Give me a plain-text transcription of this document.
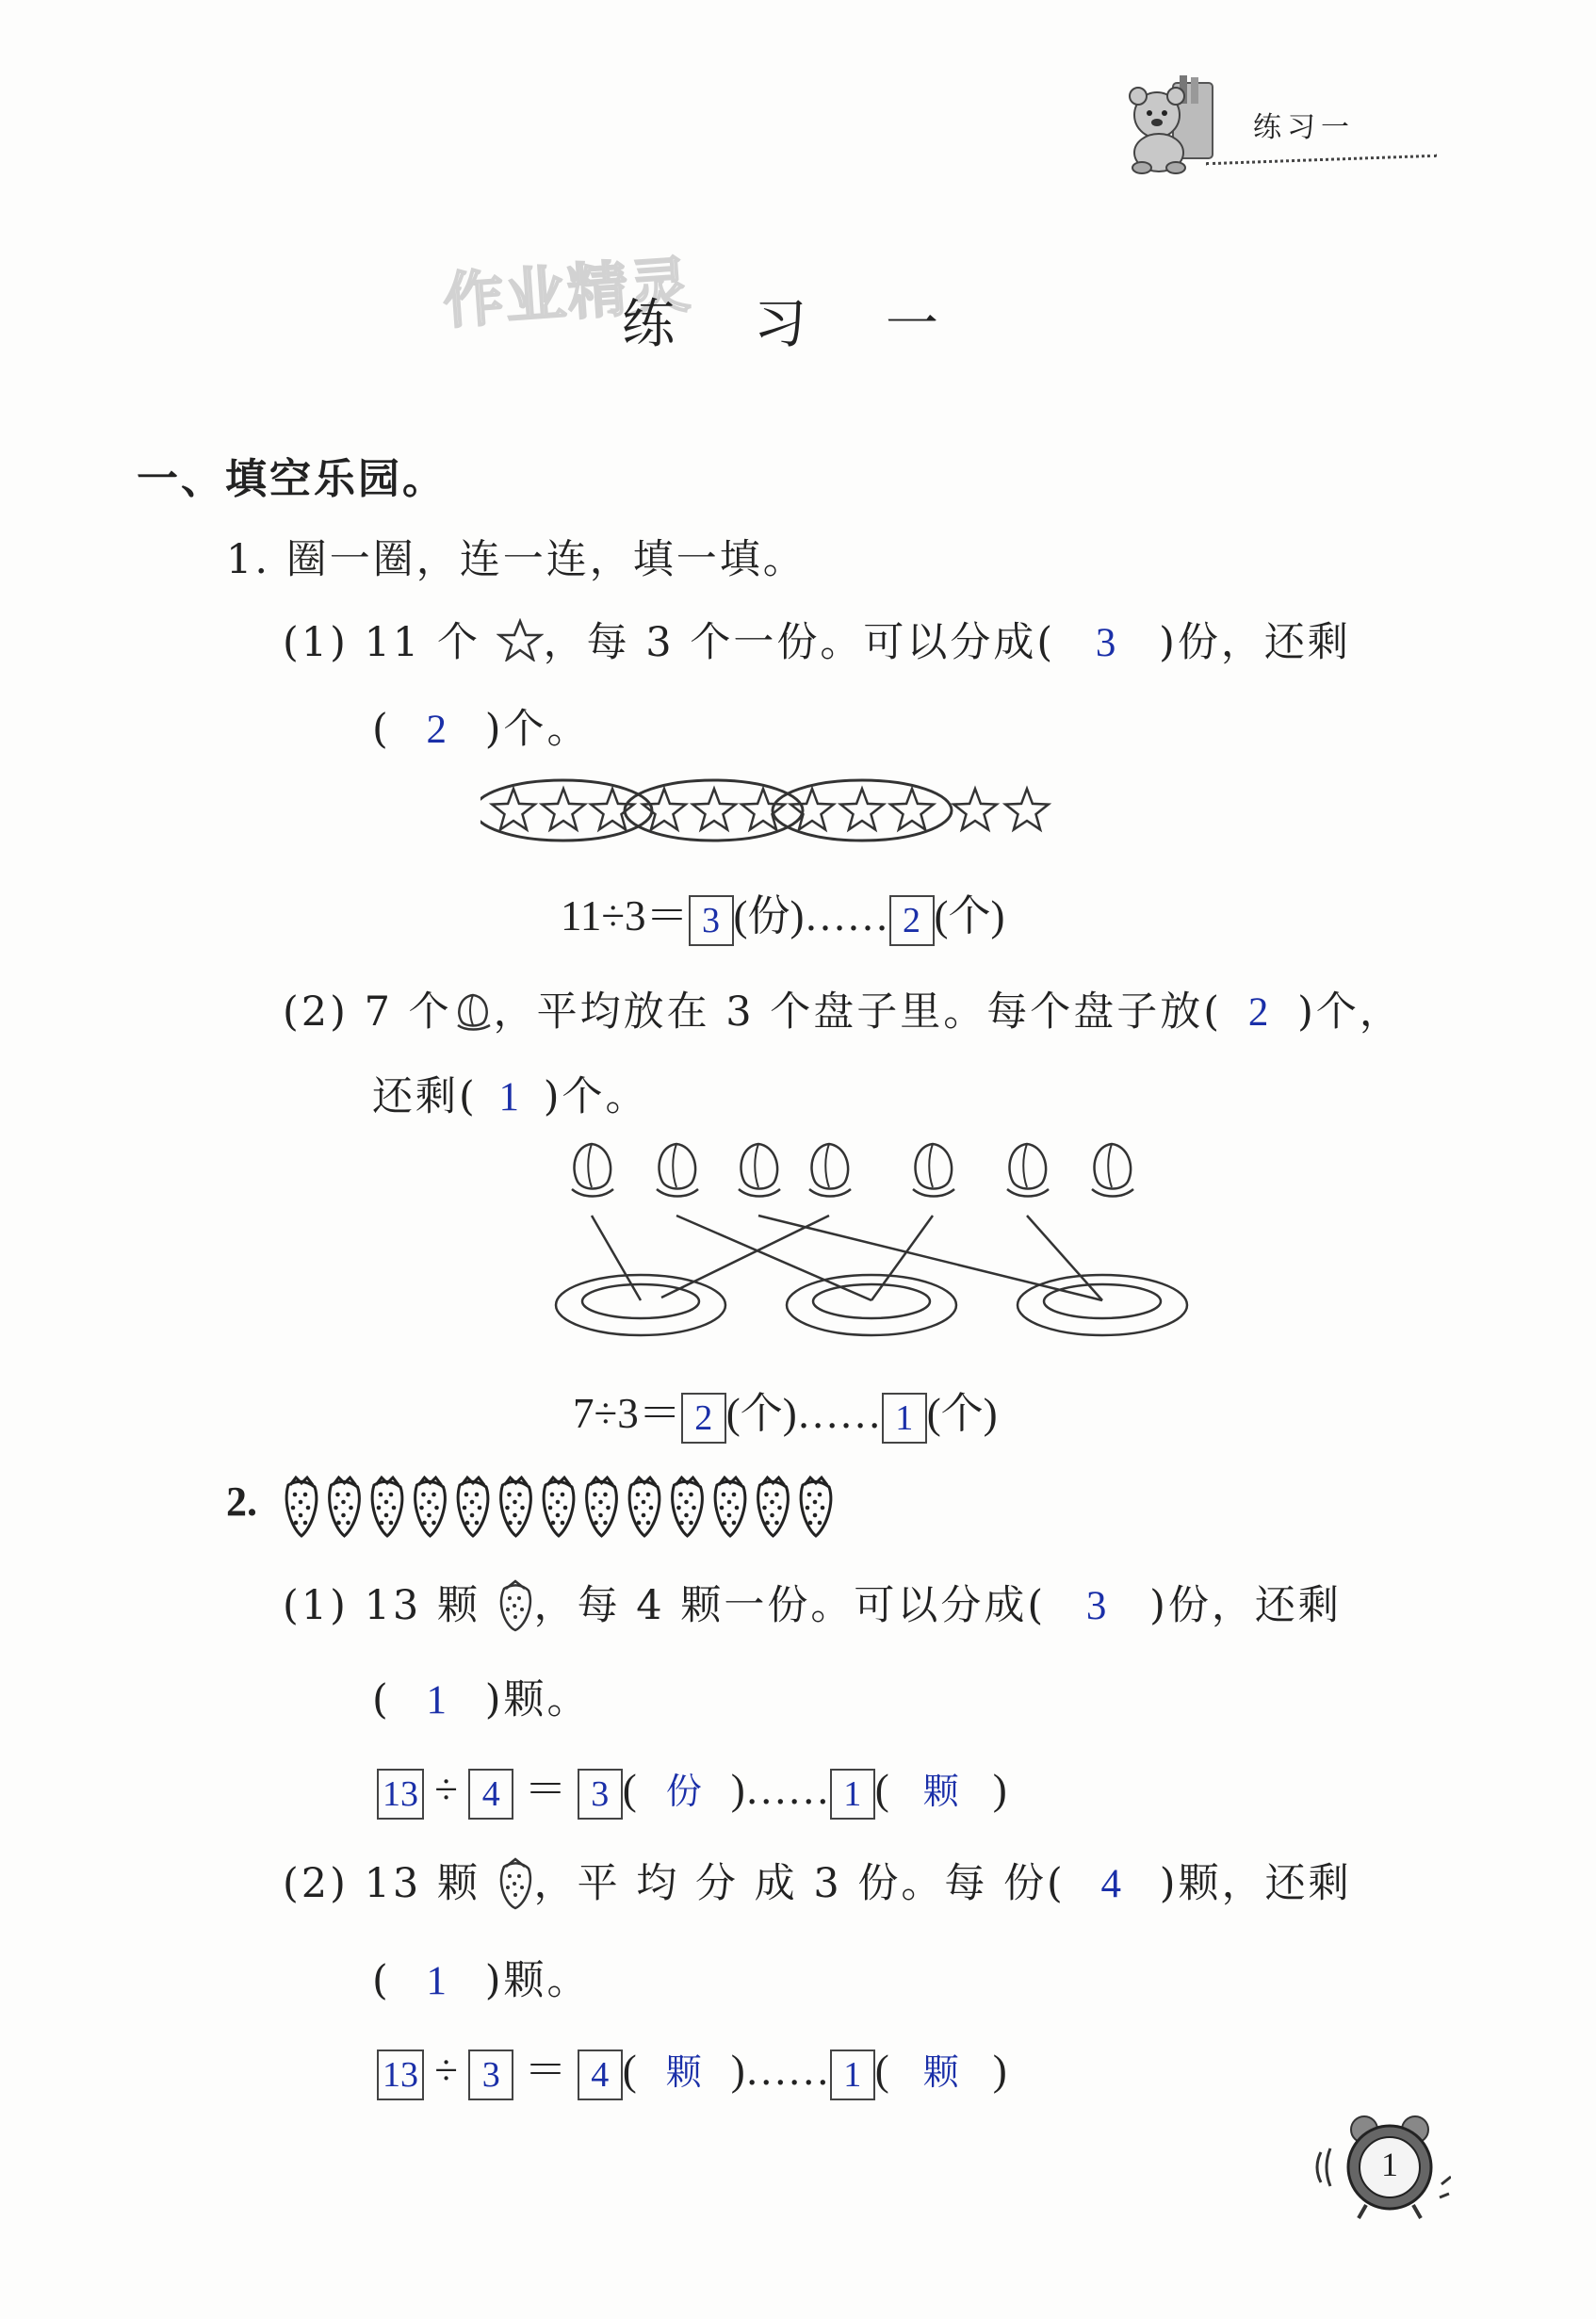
练习一
作业精灵
练　习　一
一、填空乐园。
1. 圈一圈，连一连，填一填。
(1) 11 个 ，每 3 个一份。可以分成( 3 )份，还剩
( 2 )个。
11÷3＝ 3 (份)…… 2 (个)
(2) 7 个 ，平均放在 3 个盘子里。每个盘子放( 2 )个，
还剩( 1 )个。
7÷3＝ 2 (个)…… 1 (个)
2.
(1) 13 颗 ，每 4 颗一份。可以分成( 3 )份，还剩
( 1 )颗。
13 ÷ 4 ＝ 3 ( 份 )…… 1 ( 颗 )
(2) 13 颗 ，平 均 分 成 3 份。每 份( 4 )颗，还剩
( 1 )颗。
13 ÷ 3 ＝ 4 ( 颗 )…… 1 ( 颗 )
1
